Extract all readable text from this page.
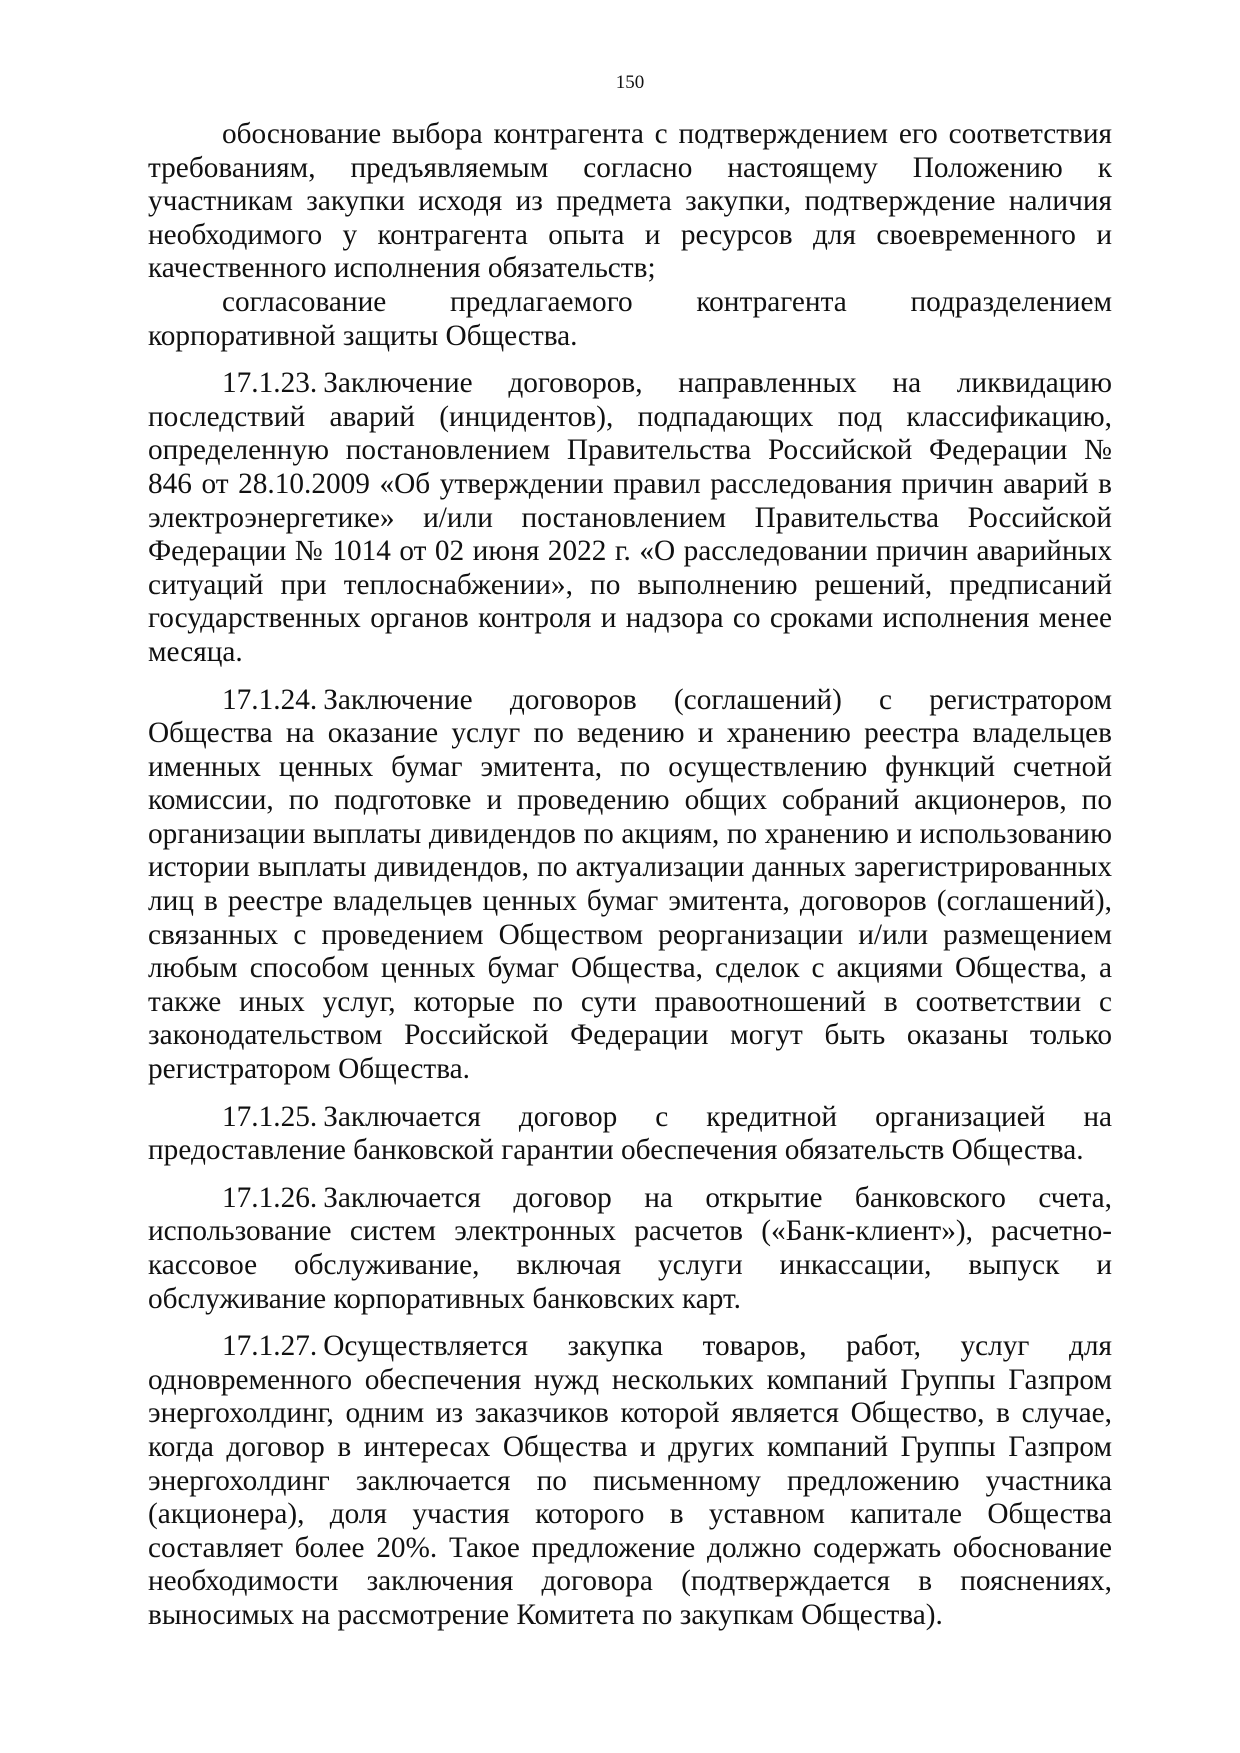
150

обоснование выбора контрагента с подтверждением его соответствия требованиям, предъявляемым согласно настоящему Положению к участникам закупки исходя из предмета закупки, подтверждение наличия необходимого у контрагента опыта и ресурсов для своевременного и качественного исполнения обязательств;

согласование предлагаемого контрагента подразделением корпоративной защиты Общества.

17.1.23. Заключение договоров, направленных на ликвидацию последствий аварий (инцидентов), подпадающих под классификацию, определенную постановлением Правительства Российской Федерации № 846 от 28.10.2009 «Об утверждении правил расследования причин аварий в электроэнергетике» и/или постановлением Правительства Российской Федерации № 1014 от 02 июня 2022 г. «О расследовании причин аварийных ситуаций при теплоснабжении», по выполнению решений, предписаний государственных органов контроля и надзора со сроками исполнения менее месяца.

17.1.24. Заключение договоров (соглашений) с регистратором Общества на оказание услуг по ведению и хранению реестра владельцев именных ценных бумаг эмитента, по осуществлению функций счетной комиссии, по подготовке и проведению общих собраний акционеров, по организации выплаты дивидендов по акциям, по хранению и использованию истории выплаты дивидендов, по актуализации данных зарегистрированных лиц в реестре владельцев ценных бумаг эмитента, договоров (соглашений), связанных с проведением Обществом реорганизации и/или размещением любым способом ценных бумаг Общества, сделок с акциями Общества, а также иных услуг, которые по сути правоотношений в соответствии с законодательством Российской Федерации могут быть оказаны только регистратором Общества.

17.1.25. Заключается договор с кредитной организацией на предоставление банковской гарантии обеспечения обязательств Общества.

17.1.26. Заключается договор на открытие банковского счета, использование систем электронных расчетов («Банк-клиент»), расчетно-кассовое обслуживание, включая услуги инкассации, выпуск и обслуживание корпоративных банковских карт.

17.1.27. Осуществляется закупка товаров, работ, услуг для одновременного обеспечения нужд нескольких компаний Группы Газпром энергохолдинг, одним из заказчиков которой является Общество, в случае, когда договор в интересах Общества и других компаний Группы Газпром энергохолдинг заключается по письменному предложению участника (акционера), доля участия которого в уставном капитале Общества составляет более 20%. Такое предложение должно содержать обоснование необходимости заключения договора (подтверждается в пояснениях, выносимых на рассмотрение Комитета по закупкам Общества).
